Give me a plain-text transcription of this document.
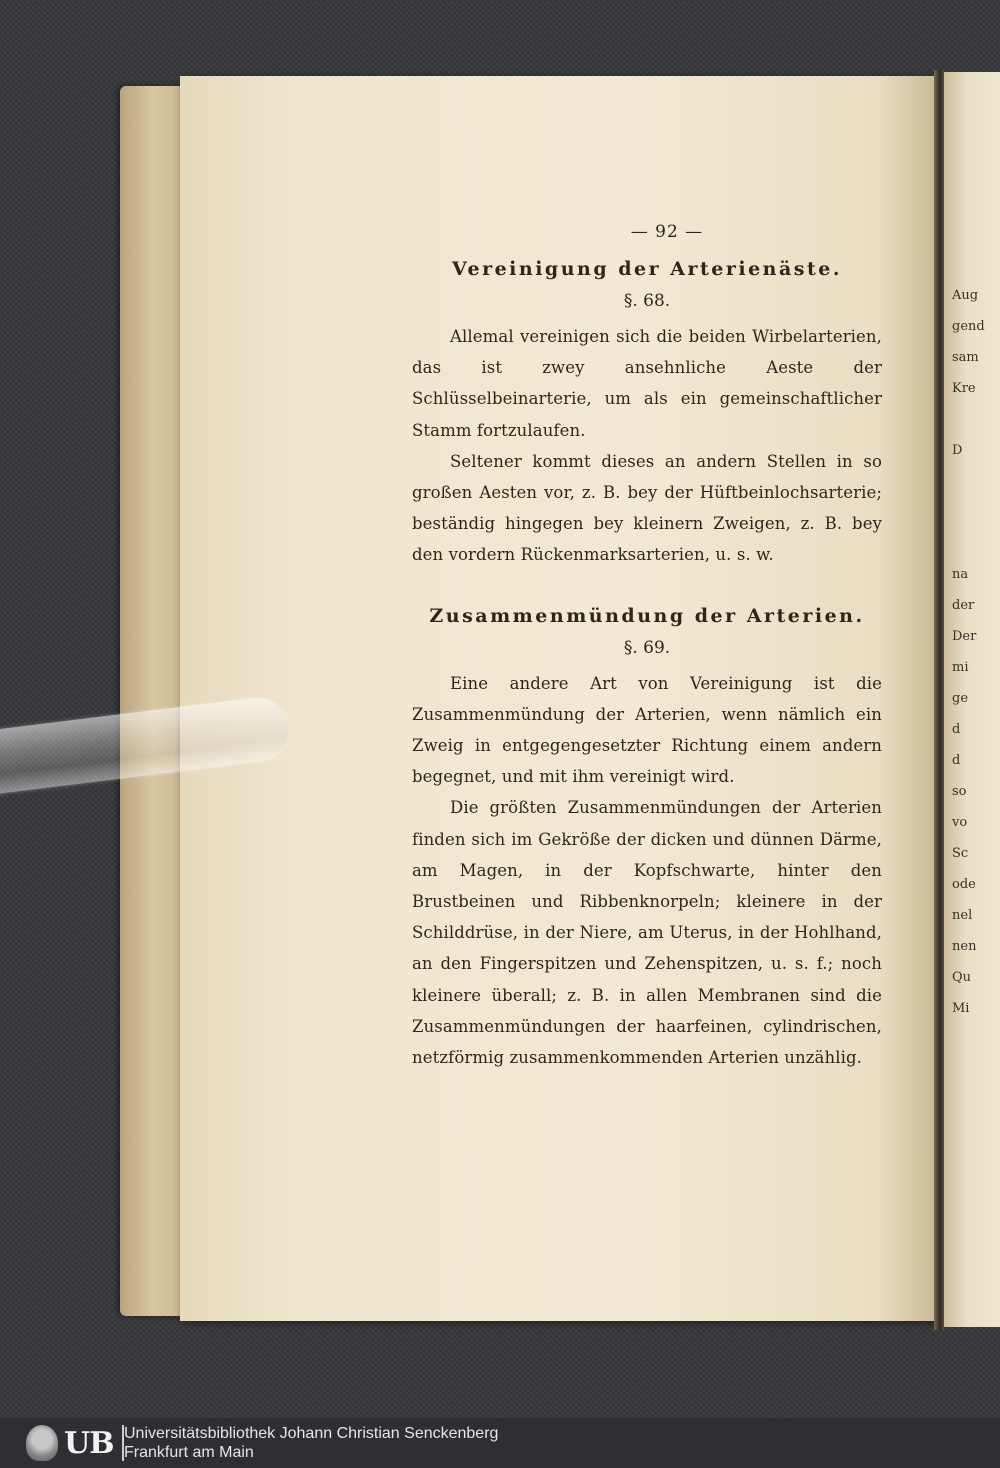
Aug
gend
sam
Kre

D

na
der
Der
mi
ge
d
d
so
vo
Sc
ode
nel
nen
Qu
Mi
— 92 —
Vereinigung der Arterienäste.
§. 68.

Allemal vereinigen sich die beiden Wirbelarterien, das ist zwey ansehnliche Aeste der Schlüsselbeinarterie, um als ein gemeinschaftlicher Stamm fortzulaufen.

Seltener kommt dieses an andern Stellen in so großen Aesten vor, z. B. bey der Hüftbeinlochsarterie; beständig hingegen bey kleinern Zweigen, z. B. bey den vordern Rückenmarksarterien, u. s. w.

Zusammenmündung der Arterien.
§. 69.

Eine andere Art von Vereinigung ist die Zusammenmündung der Arterien, wenn nämlich ein Zweig in entgegengesetzter Richtung einem andern begegnet, und mit ihm vereinigt wird.

Die größten Zusammenmündungen der Arterien finden sich im Gekröße der dicken und dünnen Därme, am Magen, in der Kopfschwarte, hinter den Brustbeinen und Ribbenknorpeln; kleinere in der Schilddrüse, in der Niere, am Uterus, in der Hohlhand, an den Fingerspitzen und Zehenspitzen, u. s. f.; noch kleinere überall; z. B. in allen Membranen sind die Zusammenmündungen der haarfeinen, cylindrischen, netzförmig zusammenkommenden Arterien unzählig.

UB Universitätsbibliothek Johann Christian Senckenberg
Frankfurt am Main
